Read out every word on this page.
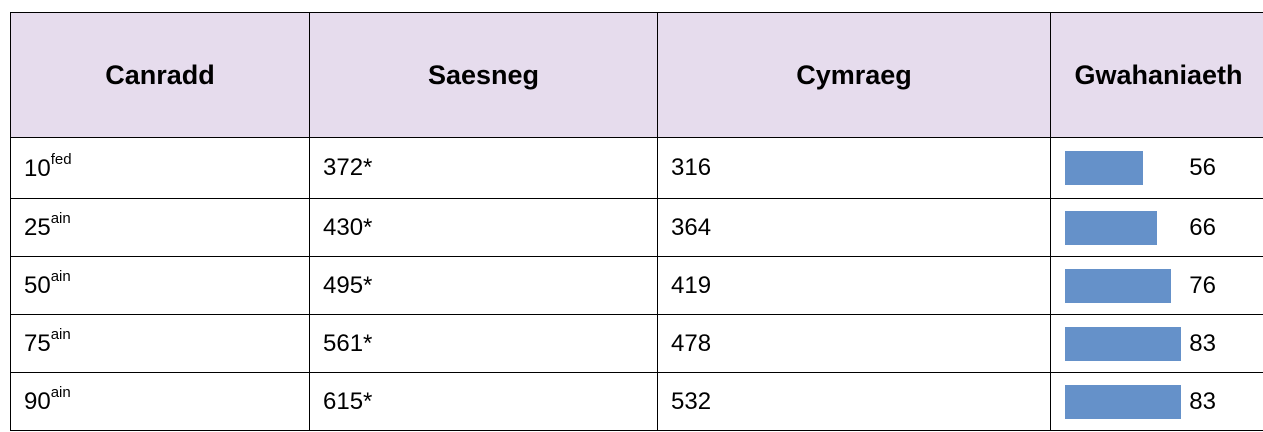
Canradd	Saesneg	Cymraeg	Gwahaniaeth
$10^{fed}$	372*	316	56

$25^{ain}$	430*	364	66

$50^{ain}$	495*	419	76

$75^{ain}$	561*	478	83

$90^{ain}$	615*	532	83
